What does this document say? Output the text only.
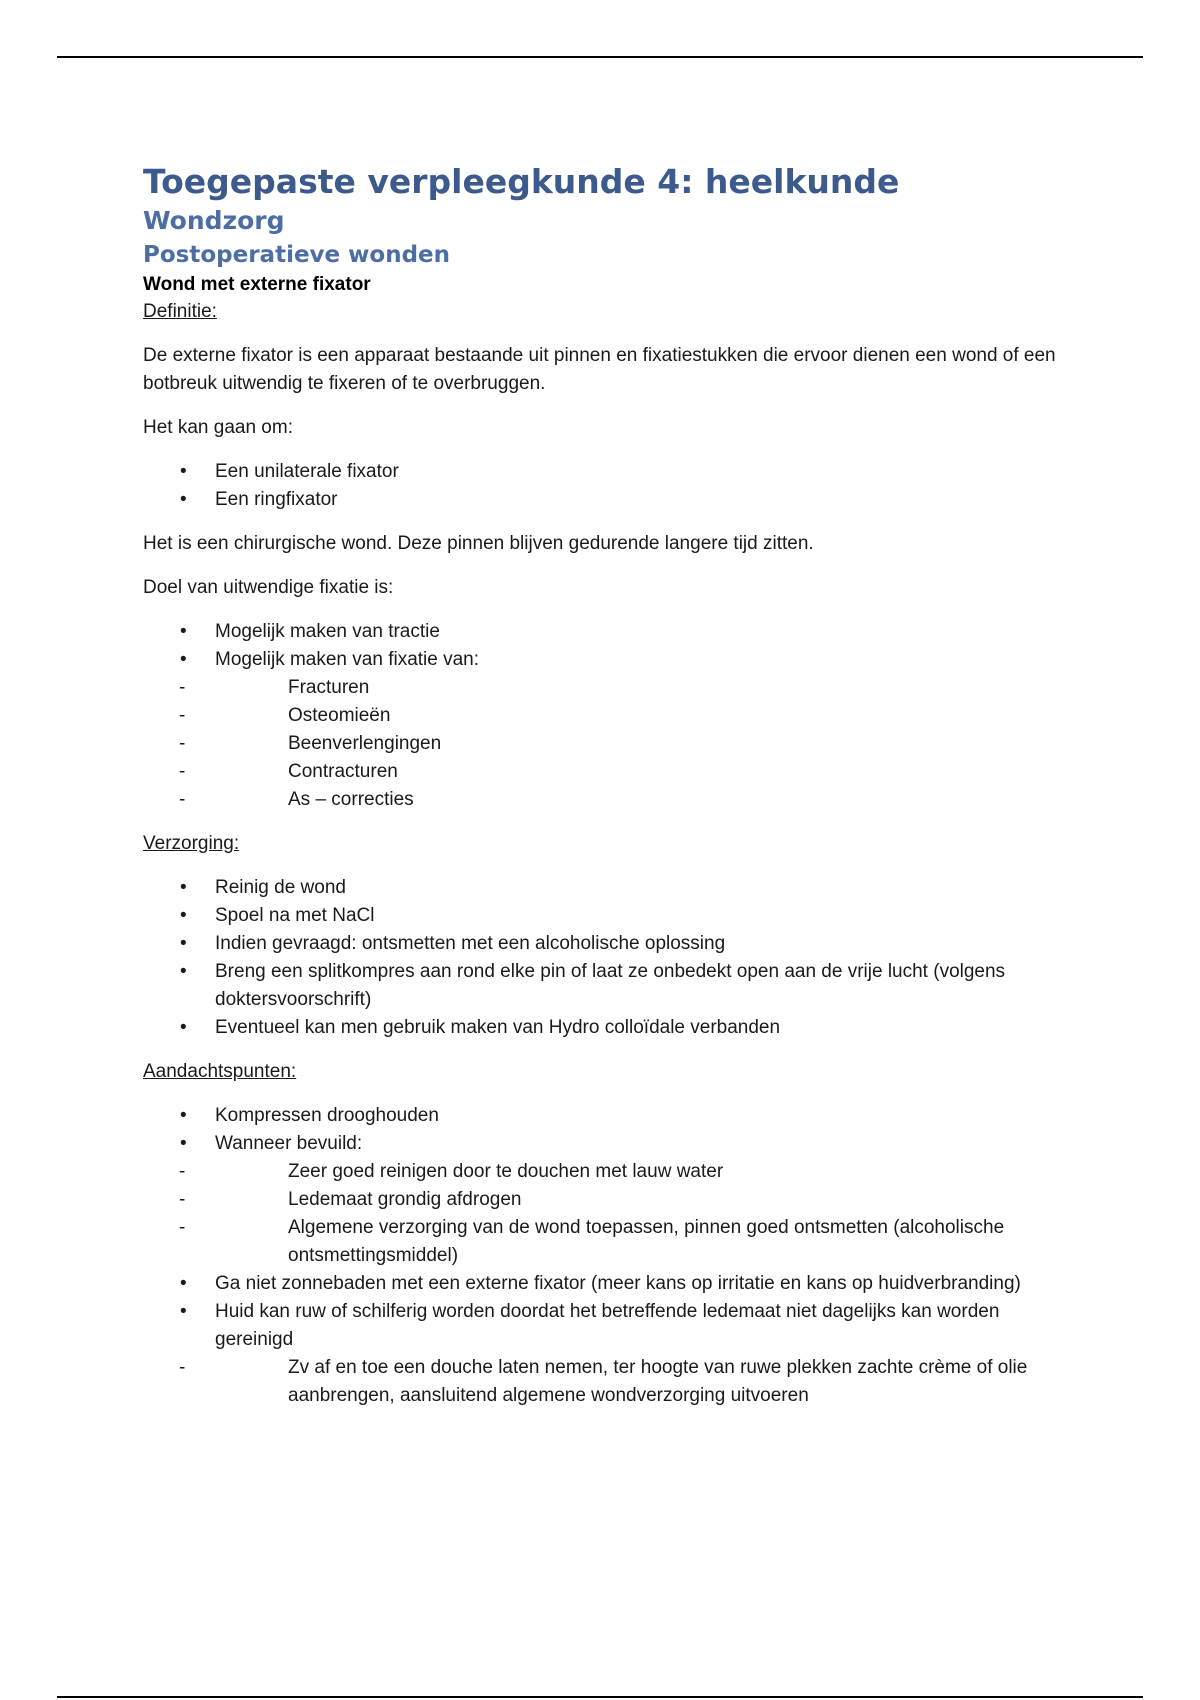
Toegepaste verpleegkunde 4: heelkunde
Wondzorg
Postoperatieve wonden

Wond met externe fixator

Definitie:

De externe fixator is een apparaat bestaande uit pinnen en fixatiestukken die ervoor dienen een wond of een botbreuk uitwendig te fixeren of te overbruggen.

Het kan gaan om:

• Een unilaterale fixator
• Een ringfixator

Het is een chirurgische wond. Deze pinnen blijven gedurende langere tijd zitten.

Doel van uitwendige fixatie is:

• Mogelijk maken van tractie
• Mogelijk maken van fixatie van:
- Fracturen
- Osteomieën
- Beenverlengingen
- Contracturen
- As – correcties

Verzorging:

• Reinig de wond
• Spoel na met NaCl
• Indien gevraagd: ontsmetten met een alcoholische oplossing
• Breng een splitkompres aan rond elke pin of laat ze onbedekt open aan de vrije lucht (volgens doktersvoorschrift)
• Eventueel kan men gebruik maken van Hydro colloïdale verbanden

Aandachtspunten:

• Kompressen drooghouden
• Wanneer bevuild:
- Zeer goed reinigen door te douchen met lauw water
- Ledemaat grondig afdrogen
- Algemene verzorging van de wond toepassen, pinnen goed ontsmetten (alcoholische ontsmettingsmiddel)
• Ga niet zonnebaden met een externe fixator (meer kans op irritatie en kans op huidverbranding)
• Huid kan ruw of schilferig worden doordat het betreffende ledemaat niet dagelijks kan worden gereinigd
- Zv af en toe een douche laten nemen, ter hoogte van ruwe plekken zachte crème of olie aanbrengen, aansluitend algemene wondverzorging uitvoeren
